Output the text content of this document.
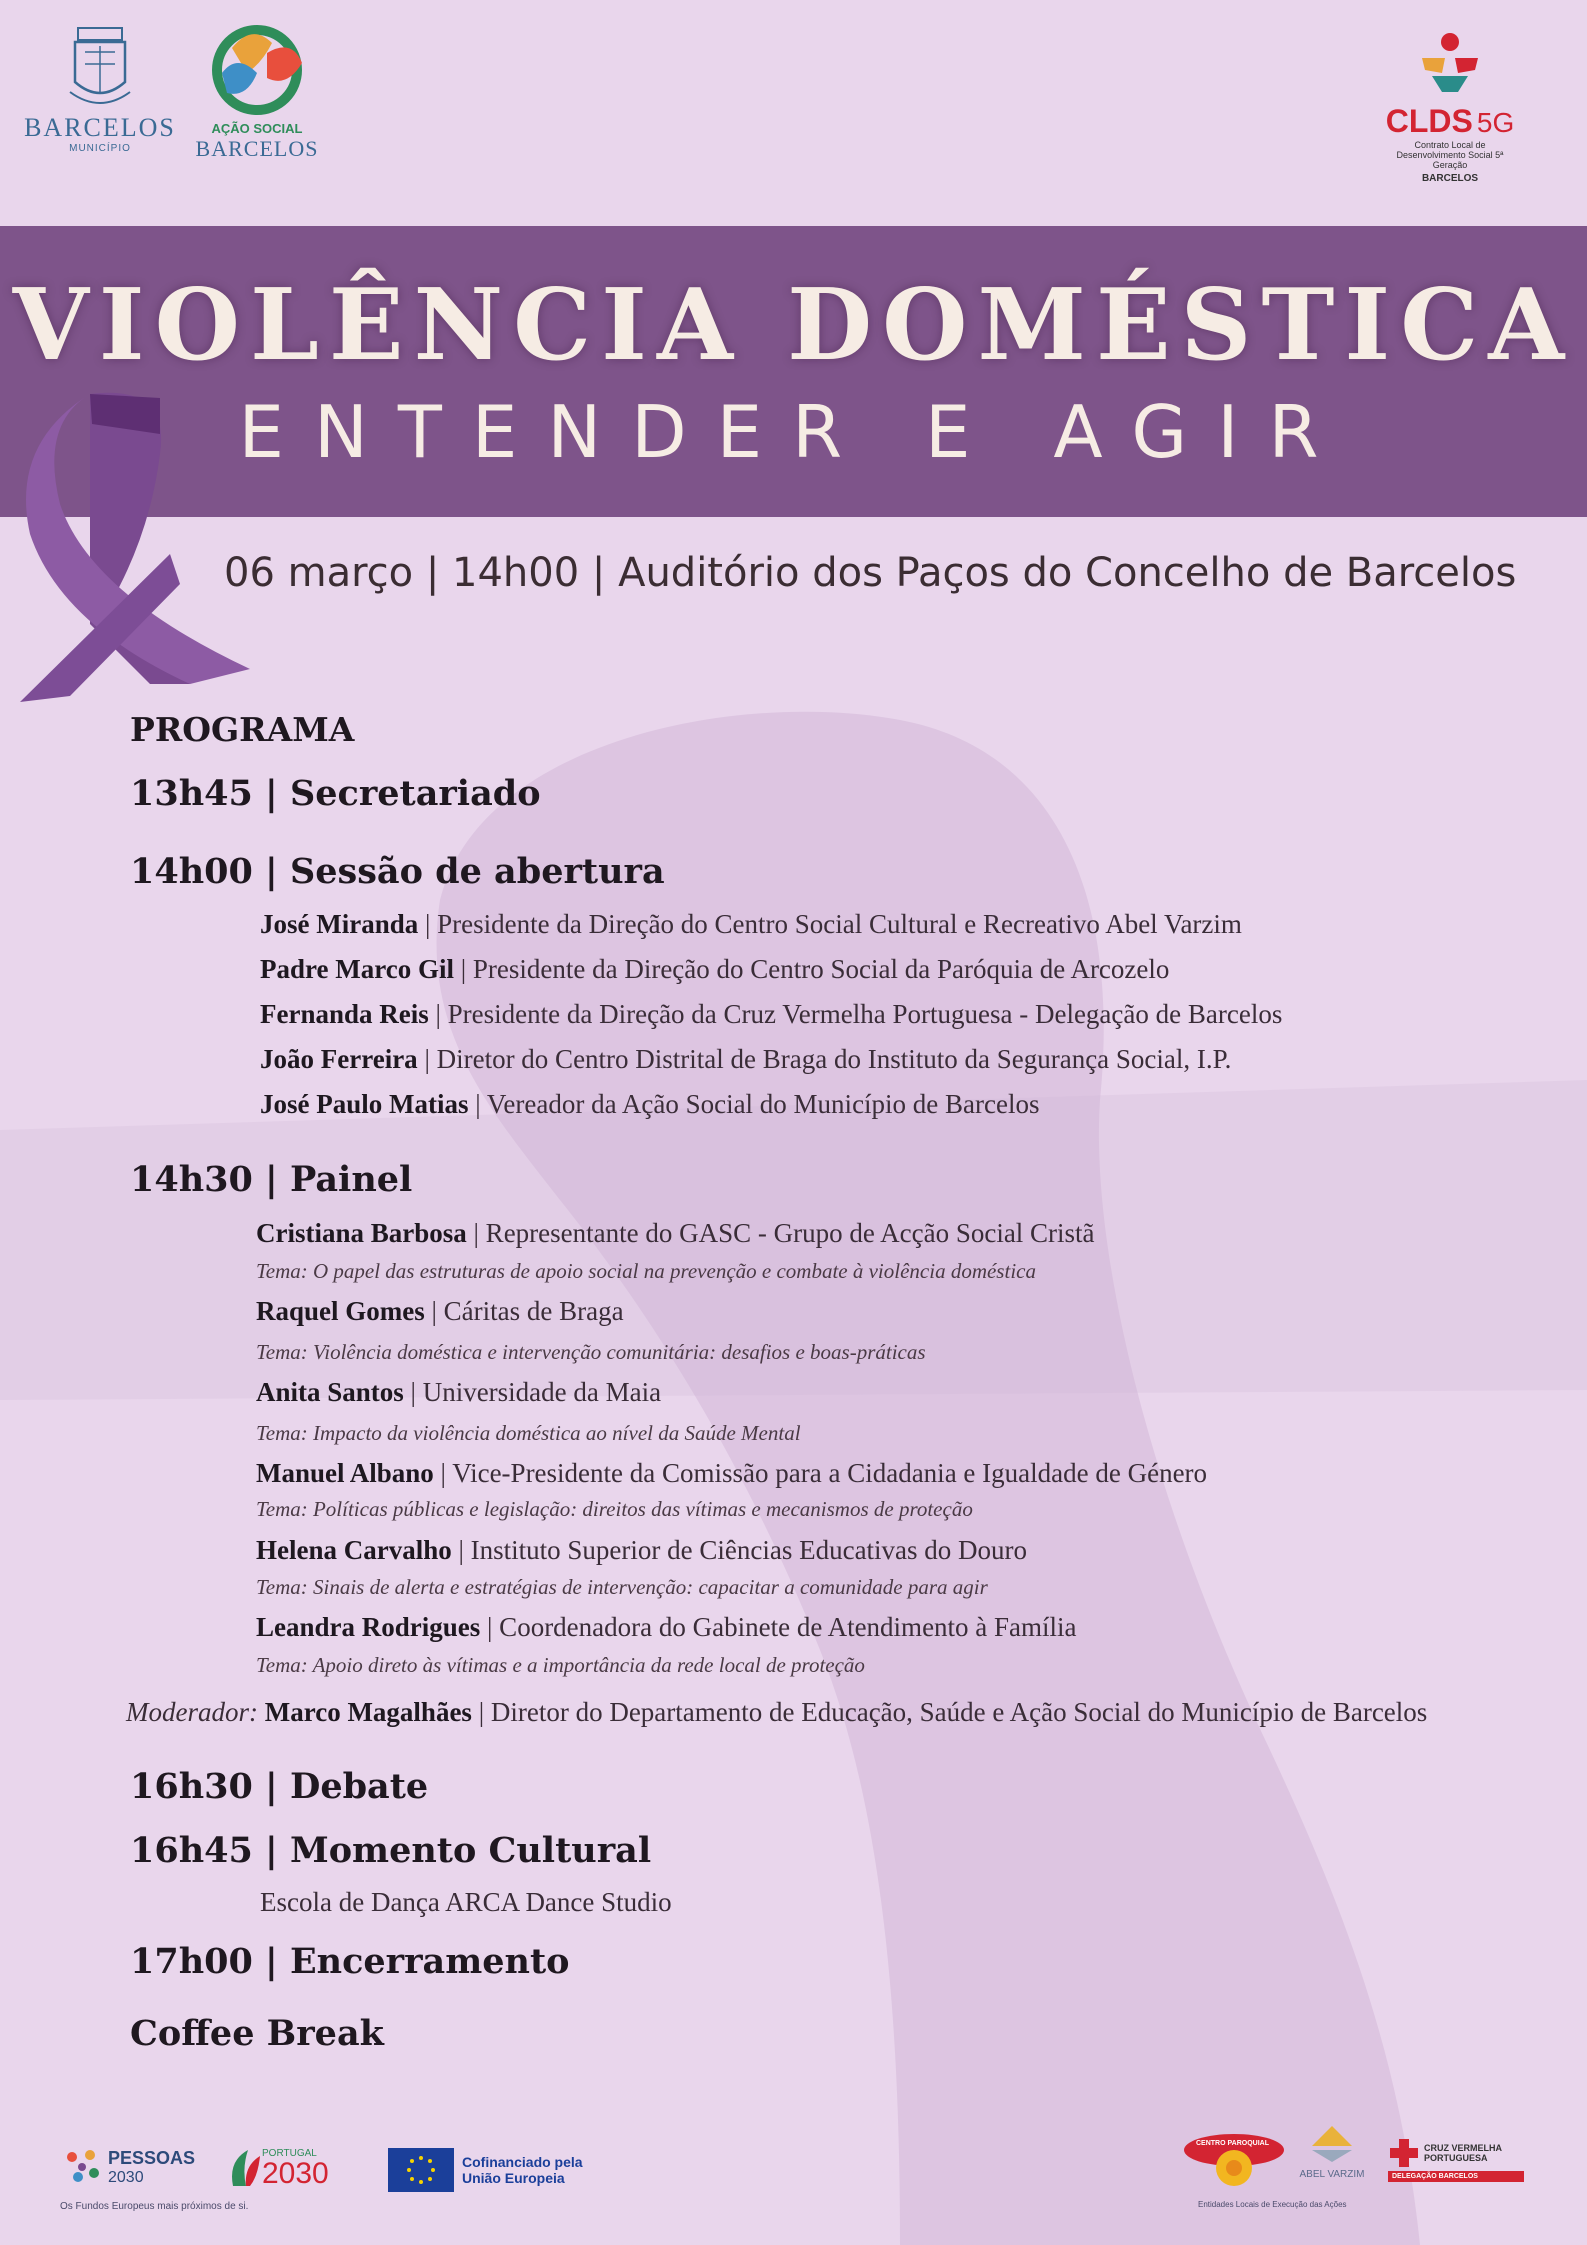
BARCELOS
MUNICÍPIO
AÇÃO SOCIAL
BARCELOS
CLDS 5G
Contrato Local de Desenvolvimento Social 5ª Geração
BARCELOS
VIOLÊNCIA DOMÉSTICA
ENTENDER E AGIR
06 março | 14h00 | Auditório dos Paços do Concelho de Barcelos
PROGRAMA
13h45 | Secretariado
14h00 | Sessão de abertura
José Miranda | Presidente da Direção do Centro Social Cultural e Recreativo Abel Varzim
Padre Marco Gil | Presidente da Direção do Centro Social da Paróquia de Arcozelo
Fernanda Reis | Presidente da Direção da Cruz Vermelha Portuguesa - Delegação de Barcelos
João Ferreira | Diretor do Centro Distrital de Braga do Instituto da Segurança Social, I.P.
José Paulo Matias | Vereador da Ação Social do Município de Barcelos
14h30 | Painel
Cristiana Barbosa | Representante do GASC - Grupo de Acção Social Cristã
Tema: O papel das estruturas de apoio social na prevenção e combate à violência doméstica
Raquel Gomes | Cáritas de Braga
Tema: Violência doméstica e intervenção comunitária: desafios e boas-práticas
Anita Santos | Universidade da Maia
Tema: Impacto da violência doméstica ao nível da Saúde Mental
Manuel Albano | Vice-Presidente da Comissão para a Cidadania e Igualdade de Género
Tema: Políticas públicas e legislação: direitos das vítimas e mecanismos de proteção
Helena Carvalho | Instituto Superior de Ciências Educativas do Douro
Tema: Sinais de alerta e estratégias de intervenção: capacitar a comunidade para agir
Leandra Rodrigues | Coordenadora do Gabinete de Atendimento à Família
Tema: Apoio direto às vítimas e a importância da rede local de proteção
Moderador: Marco Magalhães | Diretor do Departamento de Educação, Saúde e Ação Social do Município de Barcelos
16h30 | Debate
16h45 | Momento Cultural
Escola de Dança ARCA Dance Studio
17h00 | Encerramento
Coffee Break
PESSOAS
2030
Os Fundos Europeus mais próximos de si.
PORTUGAL
2030	Cofinanciado pela
União Europeia
CENTRO PAROQUIAL
ABEL VARZIM
CRUZ VERMELHA
PORTUGUESA
DELEGAÇÃO BARCELOS
Entidades Locais de Execução das Ações
